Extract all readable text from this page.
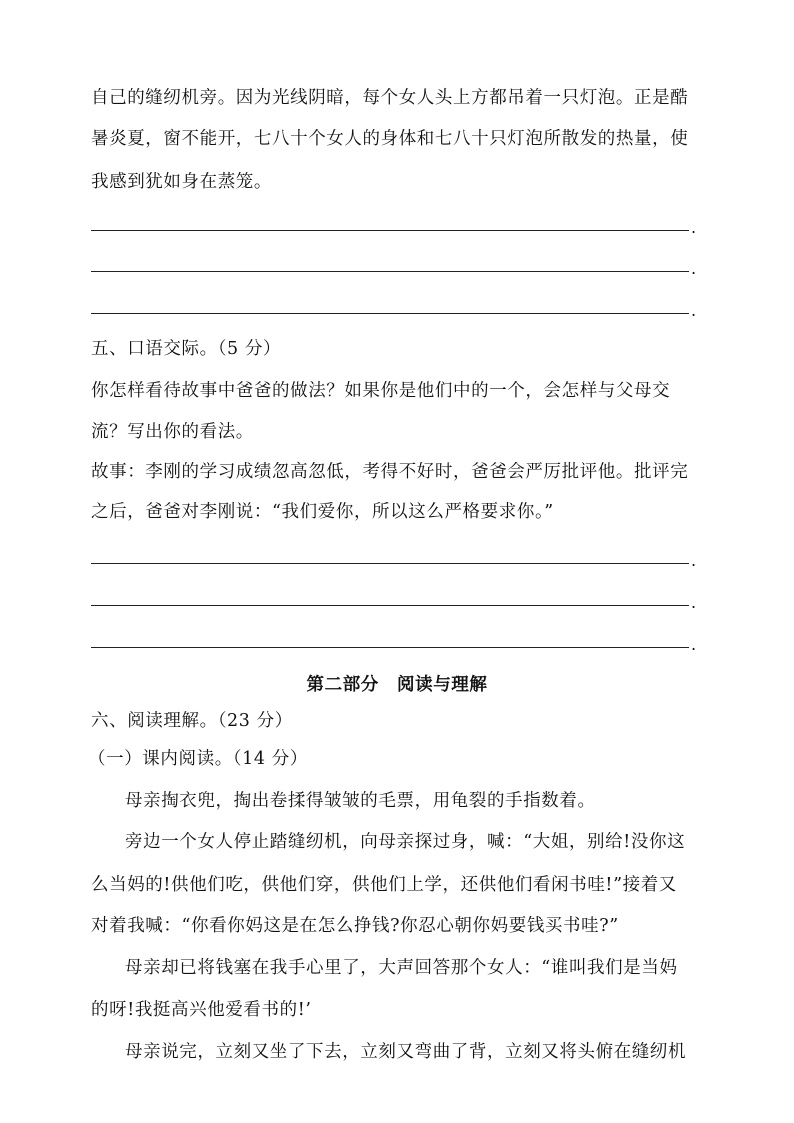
自己的缝纫机旁。因为光线阴暗，每个女人头上方都吊着一只灯泡。正是酷
暑炎夏，窗不能开，七八十个女人的身体和七八十只灯泡所散发的热量，使
我感到犹如身在蒸笼。
.
.
.
五、口语交际。（5 分）
你怎样看待故事中爸爸的做法？如果你是他们中的一个，会怎样与父母交
流？写出你的看法。
故事：李刚的学习成绩忽高忽低，考得不好时，爸爸会严厉批评他。批评完
之后，爸爸对李刚说：“我们爱你，所以这么严格要求你。”
.
.
.
第二部分　阅读与理解
六、阅读理解。（23 分）
（一）课内阅读。（14 分）
母亲掏衣兜，掏出卷揉得皱皱的毛票，用龟裂的手指数着。
旁边一个女人停止踏缝纫机，向母亲探过身，喊：“大姐，别给!没你这
么当妈的!供他们吃，供他们穿，供他们上学，还供他们看闲书哇!”接着又
对着我喊：“你看你妈这是在怎么挣钱?你忍心朝你妈要钱买书哇?”
母亲却已将钱塞在我手心里了，大声回答那个女人：“谁叫我们是当妈
的呀!我挺高兴他爱看书的!’
母亲说完，立刻又坐了下去，立刻又弯曲了背，立刻又将头俯在缝纫机
